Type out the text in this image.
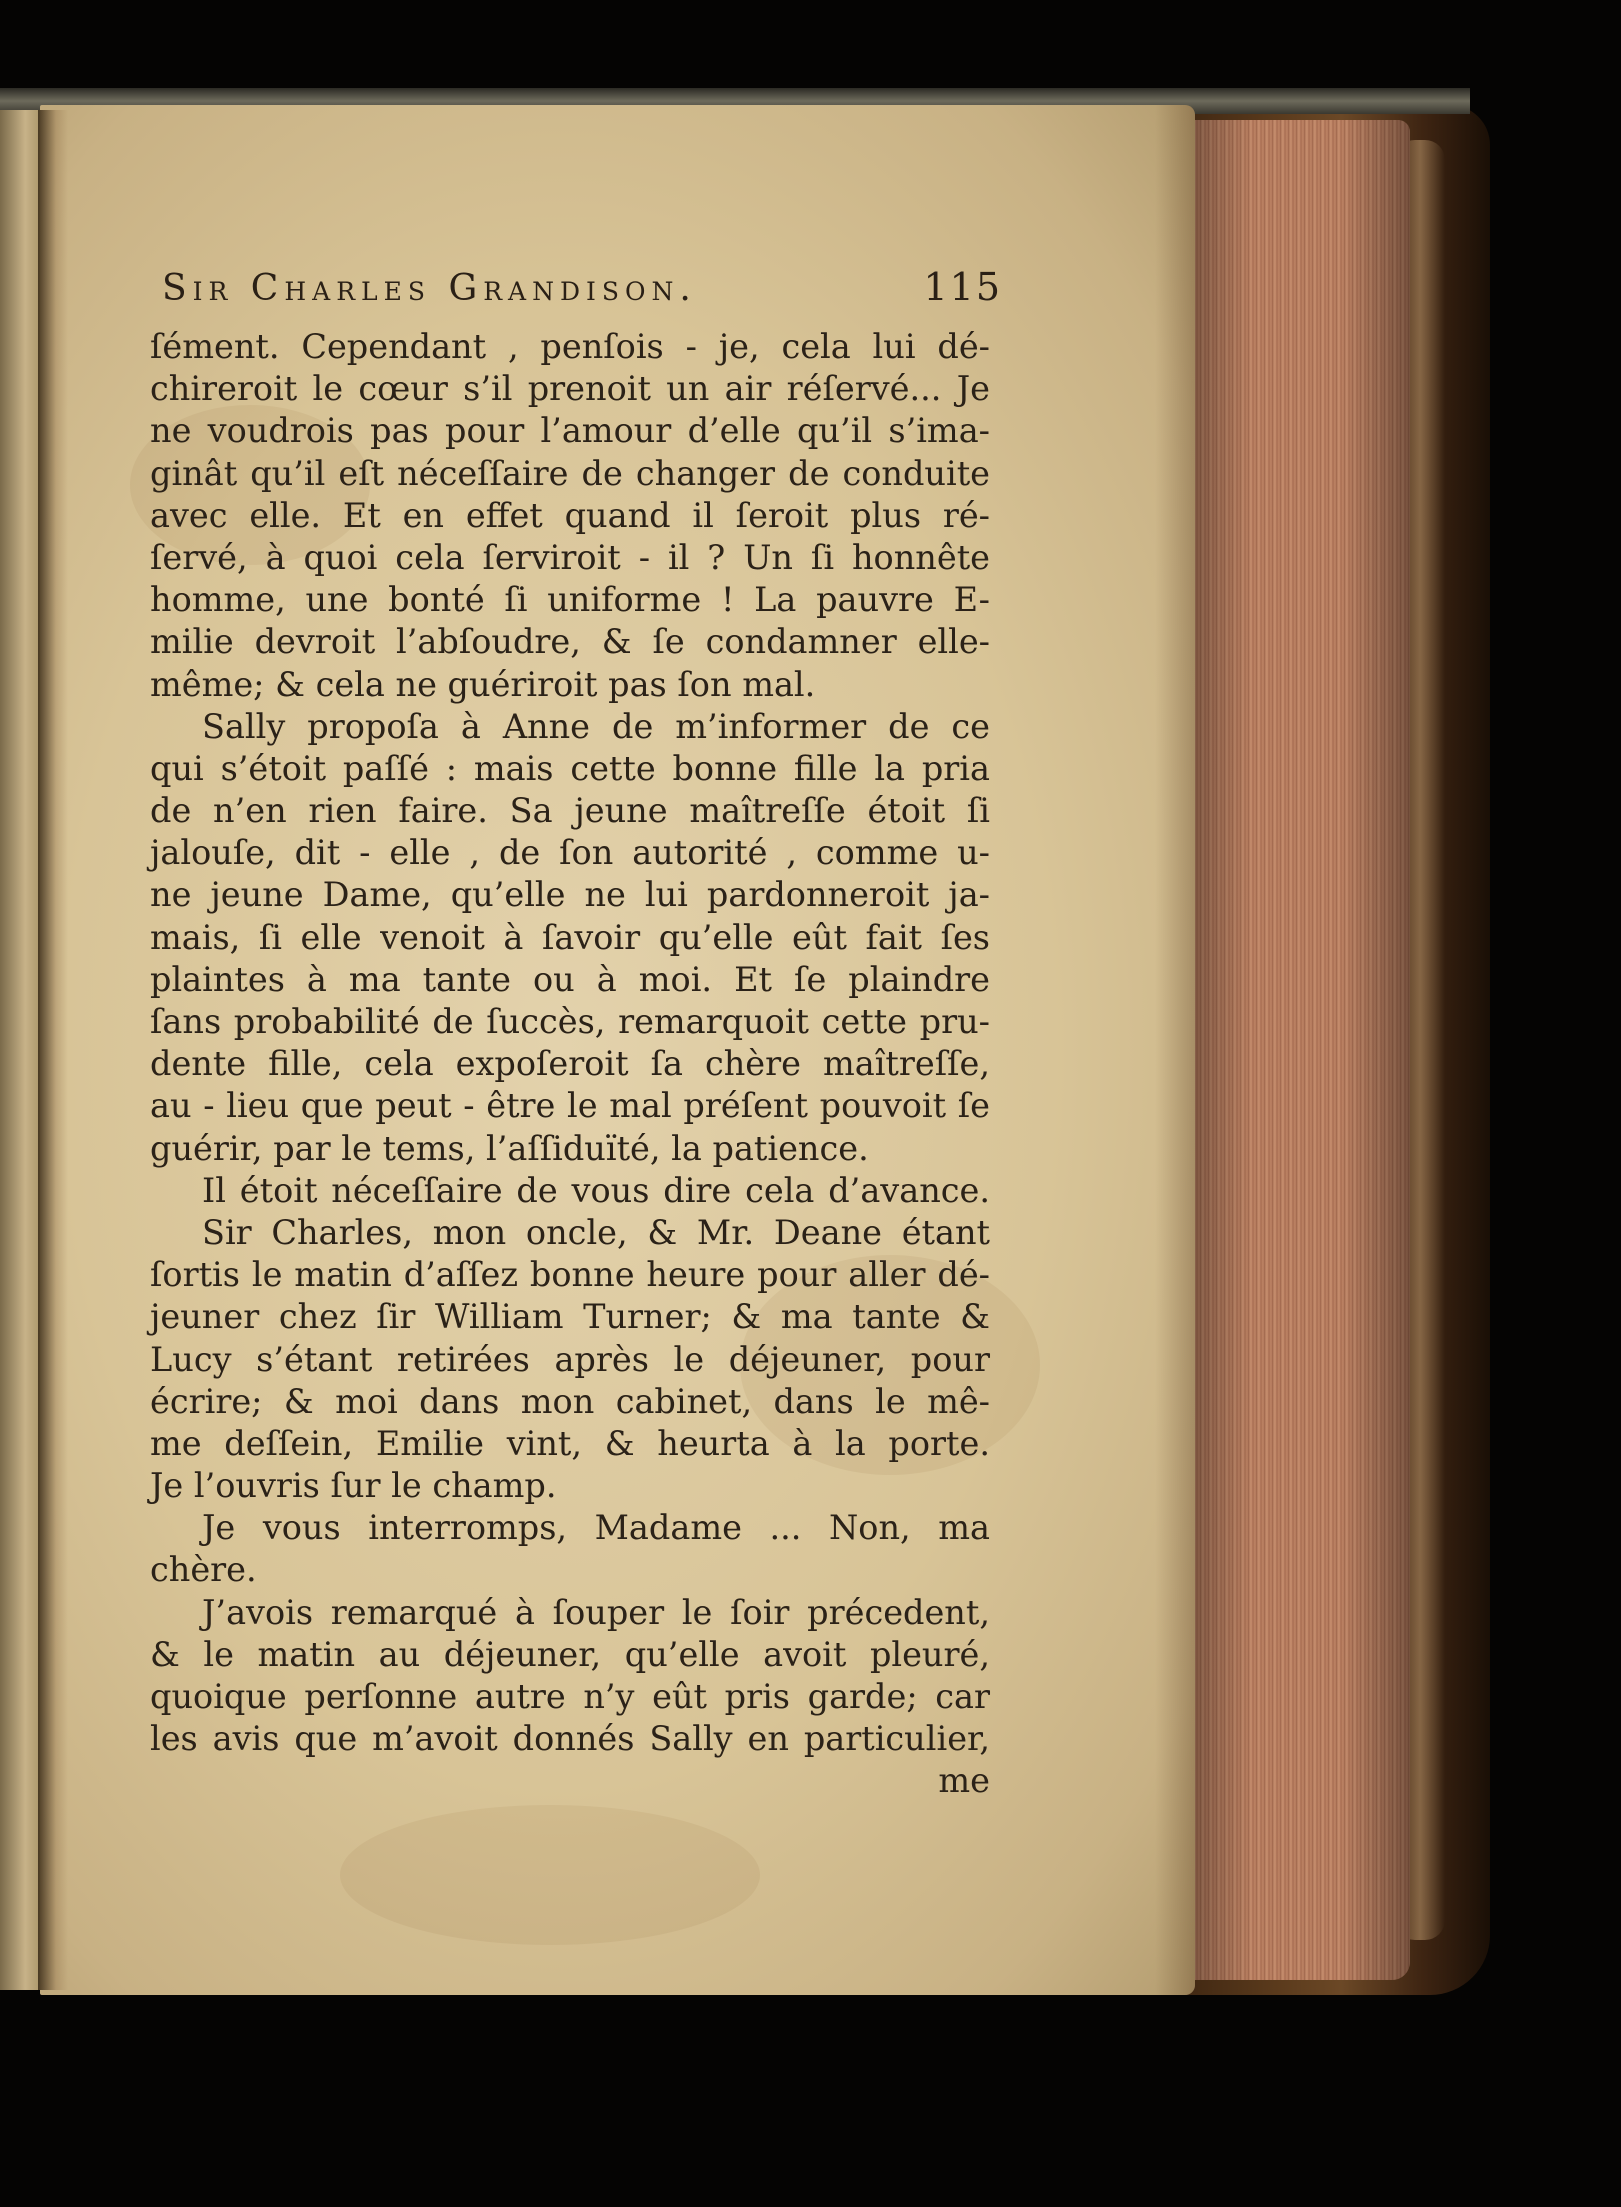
Sir Charles Grandison.	115
ſément. Cependant , penſois - je, cela lui dé-
chireroit le cœur s’il prenoit un air réſervé... Je
ne voudrois pas pour l’amour d’elle qu’il s’ima-
ginât qu’il eſt néceſſaire de changer de conduite
avec elle. Et en effet quand il ſeroit plus ré-
ſervé, à quoi cela ſerviroit - il ? Un ſi honnête
homme, une bonté ſi uniforme ! La pauvre E-
milie devroit l’abſoudre, & ſe condamner elle-
même; & cela ne guériroit pas ſon mal.
Sally propoſa à Anne de m’informer de ce
qui s’étoit paſſé : mais cette bonne fille la pria
de n’en rien faire. Sa jeune maîtreſſe étoit ſi
jalouſe, dit - elle , de ſon autorité , comme u-
ne jeune Dame, qu’elle ne lui pardonneroit ja-
mais, ſi elle venoit à ſavoir qu’elle eût fait ſes
plaintes à ma tante ou à moi. Et ſe plaindre
ſans probabilité de ſuccès, remarquoit cette pru-
dente fille, cela expoſeroit ſa chère maîtreſſe,
au - lieu que peut - être le mal préſent pouvoit ſe
guérir, par le tems, l’aſſiduïté, la patience.
Il étoit néceſſaire de vous dire cela d’avance.
Sir Charles, mon oncle, & Mr. Deane étant
ſortis le matin d’aſſez bonne heure pour aller dé-
jeuner chez ſir William Turner; & ma tante &
Lucy s’étant retirées après le déjeuner, pour
écrire; & moi dans mon cabinet, dans le mê-
me deſſein, Emilie vint, & heurta à la porte.
Je l’ouvris ſur le champ.
Je vous interromps, Madame ... Non, ma
chère.
J’avois remarqué à ſouper le ſoir précedent,
& le matin au déjeuner, qu’elle avoit pleuré,
quoique perſonne autre n’y eût pris garde; car
les avis que m’avoit donnés Sally en particulier,
me
